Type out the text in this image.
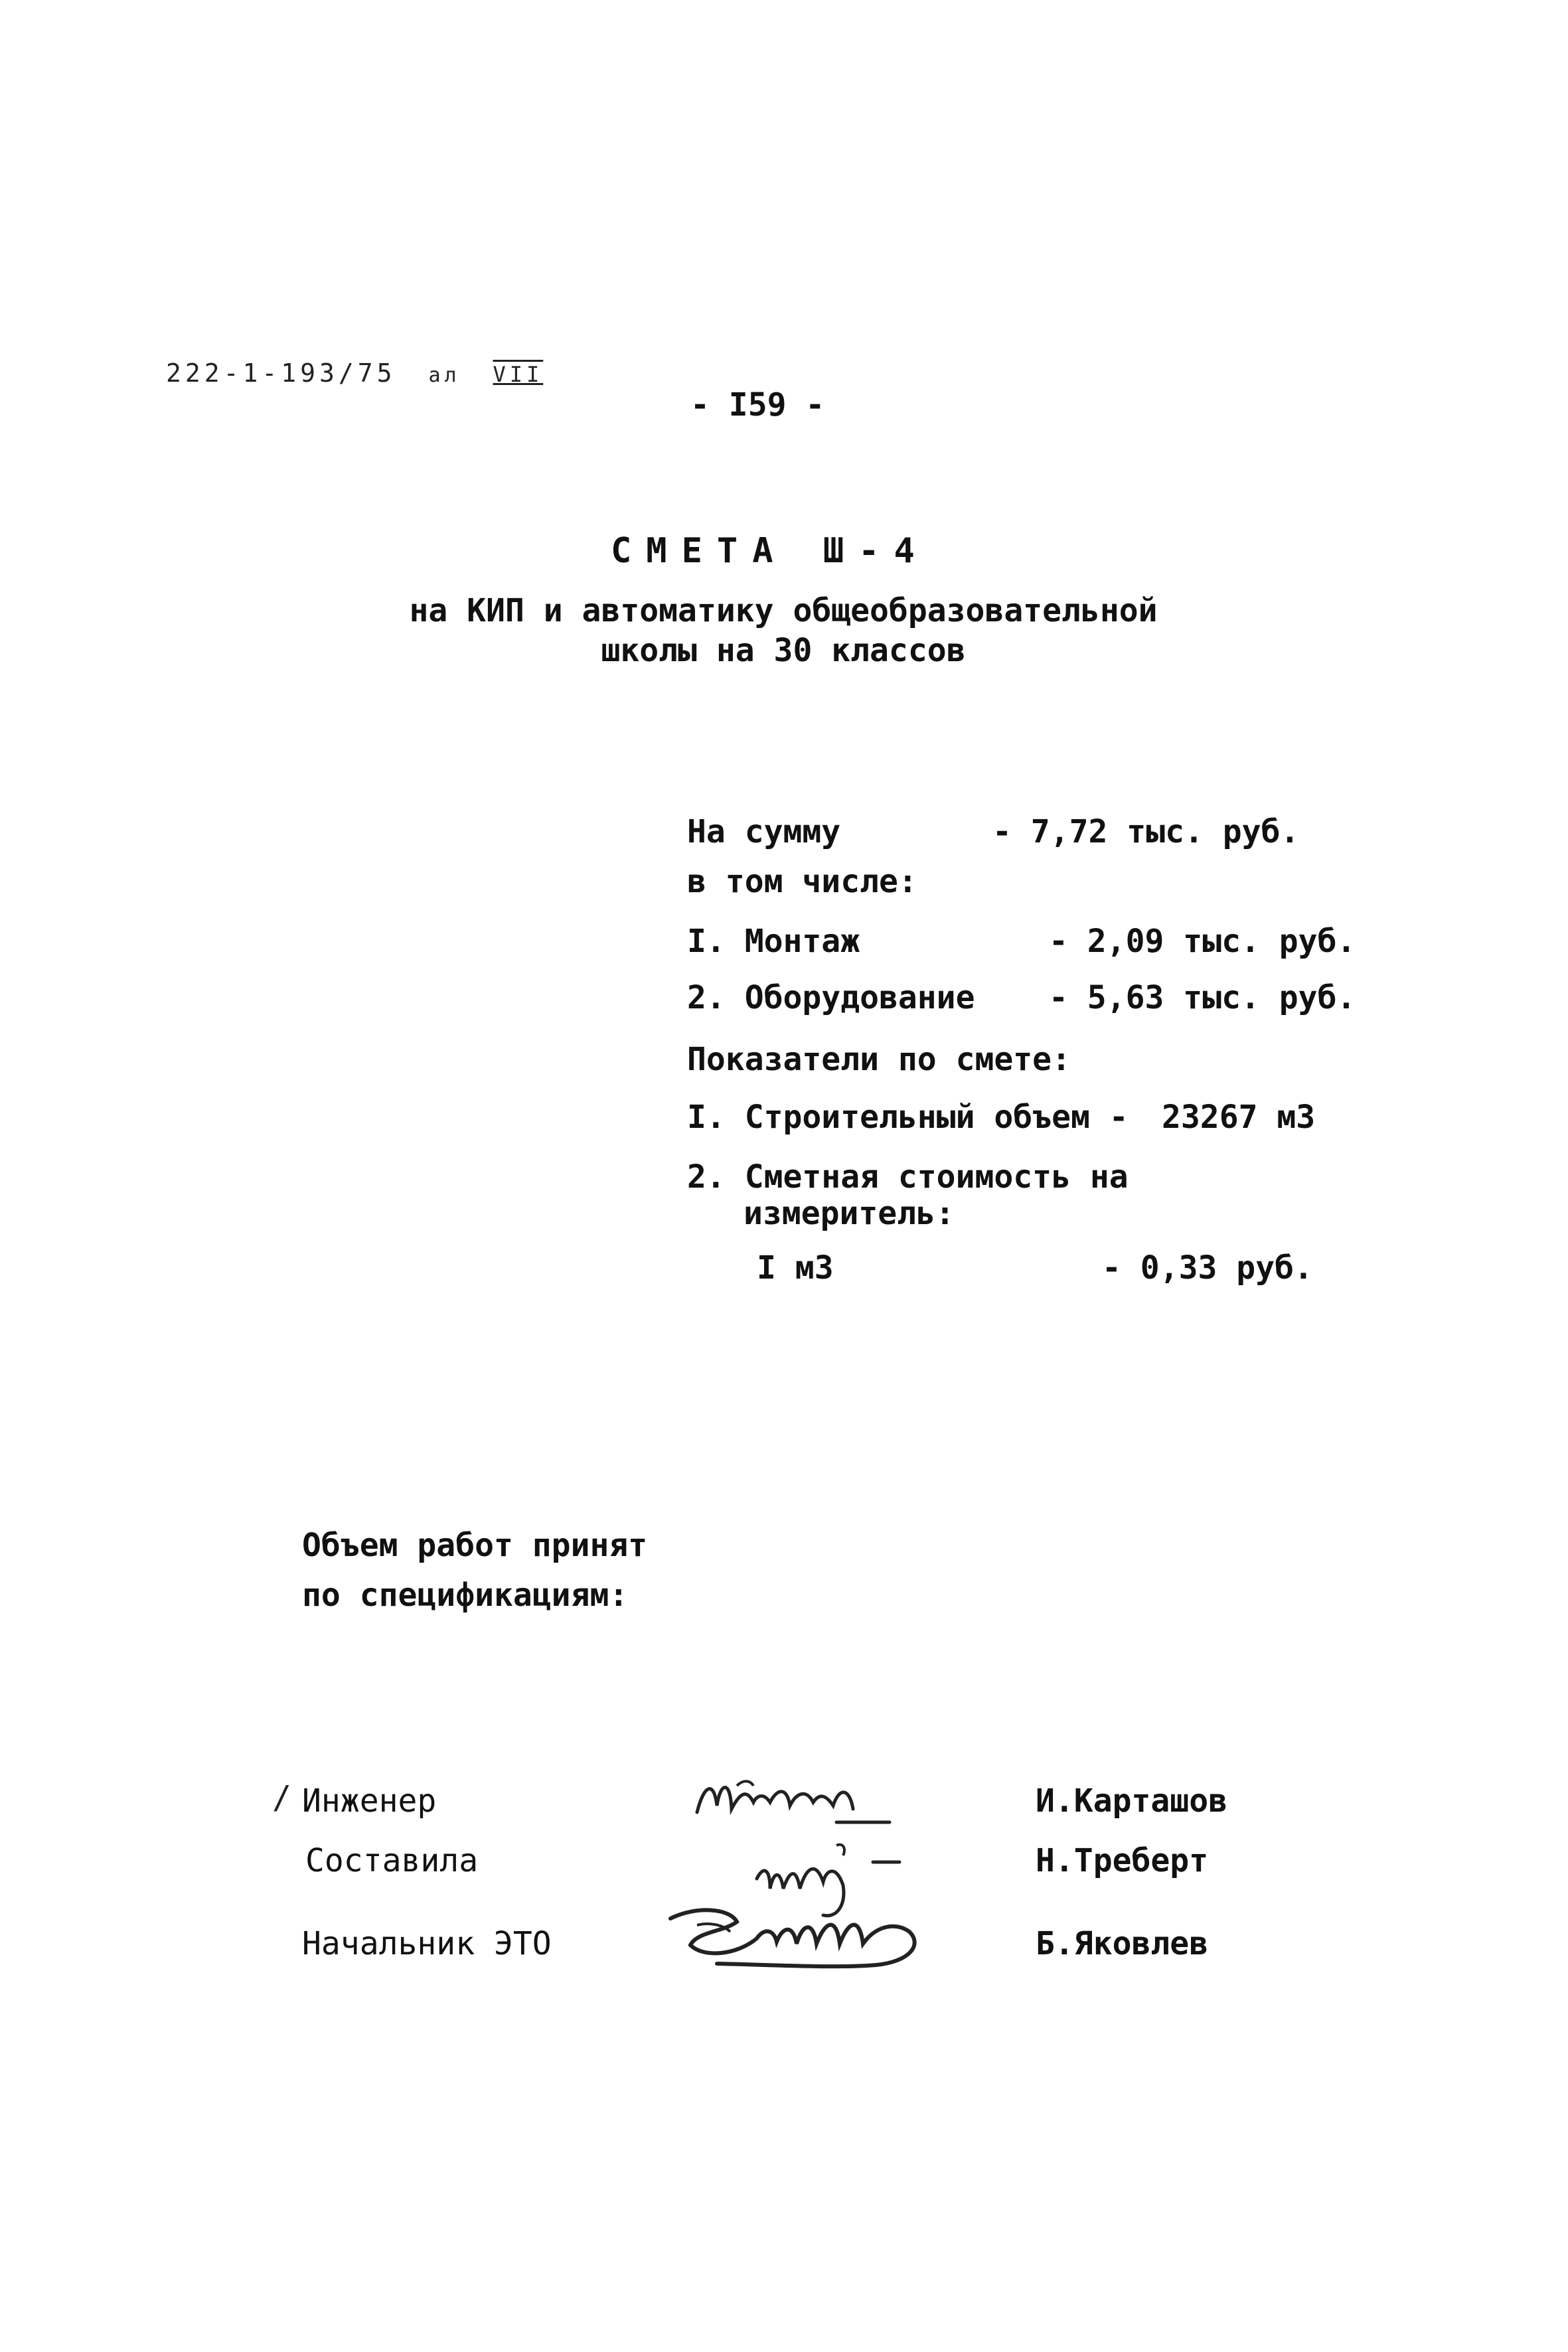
222-1-193/75 ал VII
- I59 -
СМЕТА Ш-4
на КИП и автоматику общеобразовательной
школы на 30 классов
На сумму	- 7,72 тыс. руб.
в том числе:
I. Монтаж	- 2,09 тыс. руб.
2. Оборудование - 5,63 тыс. руб.
Показатели по смете:
I. Строительный объем - 23267 м3
2. Сметная стоимость на
измеритель:
I м3	- 0,33 руб.
Объем работ принят
по спецификациям:
/ Инженер	И.Карташов
Составила	Н.Треберт
Начальник ЭТО	Б.Яковлев
